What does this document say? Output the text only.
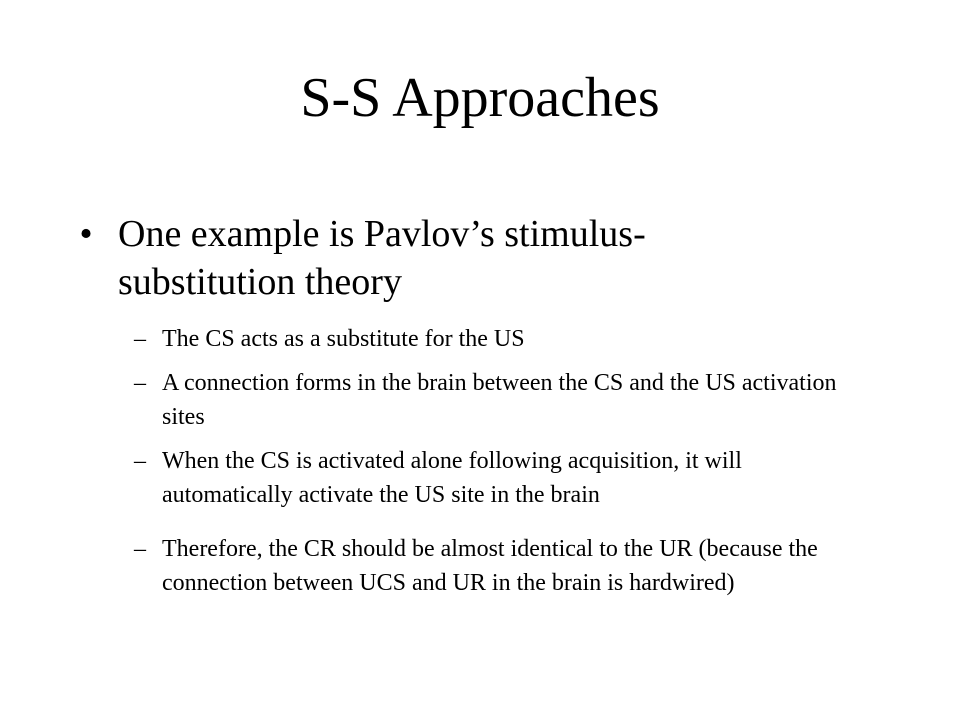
S-S Approaches
• One example is Pavlov’s stimulus-substitution theory
– The CS acts as a substitute for the US
– A connection forms in the brain between the CS and the US activation sites
– When the CS is activated alone following acquisition, it will automatically activate the US site in the brain
– Therefore, the CR should be almost identical to the UR (because the connection between UCS and UR in the brain is hardwired)
